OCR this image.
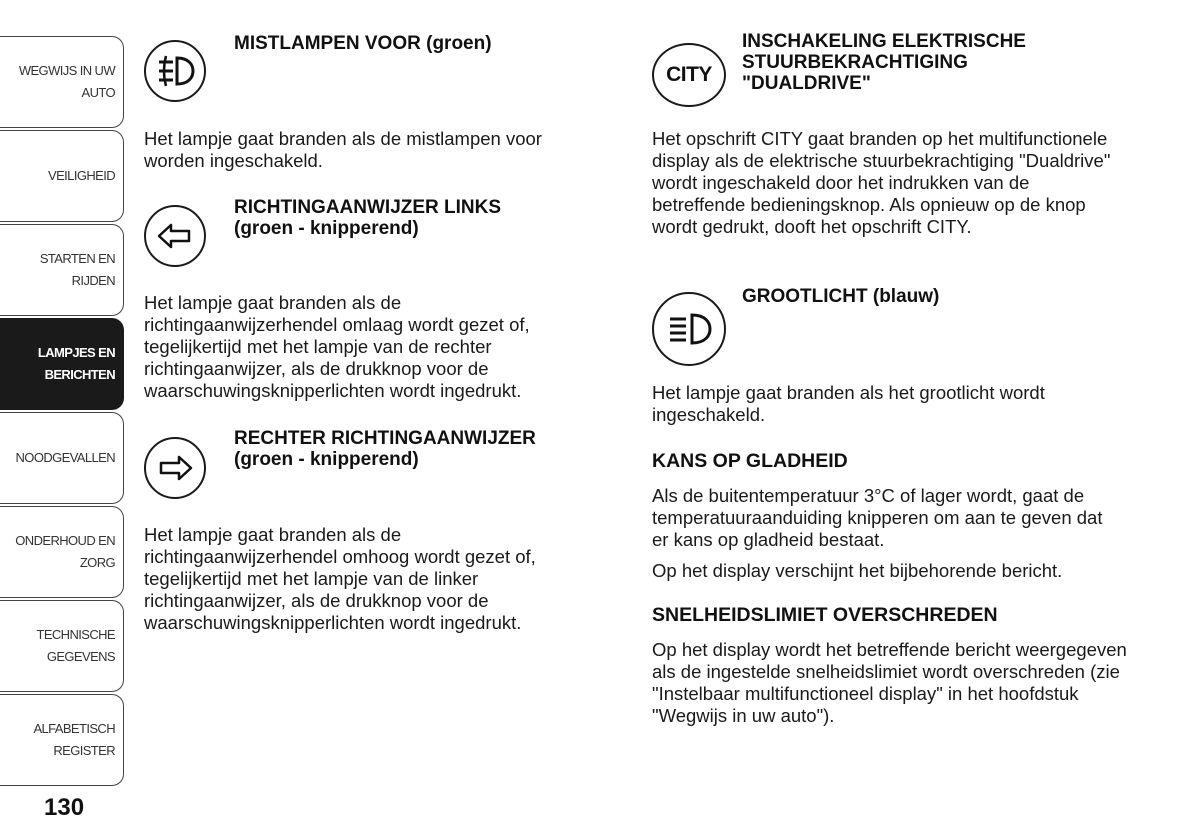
WEGWIJS IN UW
AUTO
VEILIGHEID
STARTEN EN RIJDEN
LAMPJES EN
BERICHTEN
NOODGEVALLEN
ONDERHOUD EN
ZORG
TECHNISCHE
GEGEVENS
ALFABETISCH
REGISTER
130
MISTLAMPEN VOOR (groen)

Het lampje gaat branden als de mistlampen voor worden ingeschakeld.

RICHTINGAANWIJZER LINKS
(groen - knipperend)

Het lampje gaat branden als de richtingaanwijzerhendel omlaag wordt gezet of, tegelijkertijd met het lampje van de rechter richtingaanwijzer, als de drukknop voor de waarschuwingsknipperlichten wordt ingedrukt.

RECHTER RICHTINGAANWIJZER
(groen - knipperend)

Het lampje gaat branden als de richtingaanwijzerhendel omhoog wordt gezet of, tegelijkertijd met het lampje van de linker richtingaanwijzer, als de drukknop voor de waarschuwingsknipperlichten wordt ingedrukt.

CITY
INSCHAKELING ELEKTRISCHE
STUURBEKRACHTIGING
"DUALDRIVE"

Het opschrift CITY gaat branden op het multifunctionele display als de elektrische stuurbekrachtiging "Dualdrive" wordt ingeschakeld door het indrukken van de betreffende bedieningsknop. Als opnieuw op de knop wordt gedrukt, dooft het opschrift CITY.

GROOTLICHT (blauw)

Het lampje gaat branden als het grootlicht wordt ingeschakeld.

KANS OP GLADHEID

Als de buitentemperatuur 3°C of lager wordt, gaat de temperatuuraanduiding knipperen om aan te geven dat er kans op gladheid bestaat.

Op het display verschijnt het bijbehorende bericht.

SNELHEIDSLIMIET OVERSCHREDEN

Op het display wordt het betreffende bericht weergegeven als de ingestelde snelheidslimiet wordt overschreden (zie "Instelbaar multifunctioneel display" in het hoofdstuk "Wegwijs in uw auto").
